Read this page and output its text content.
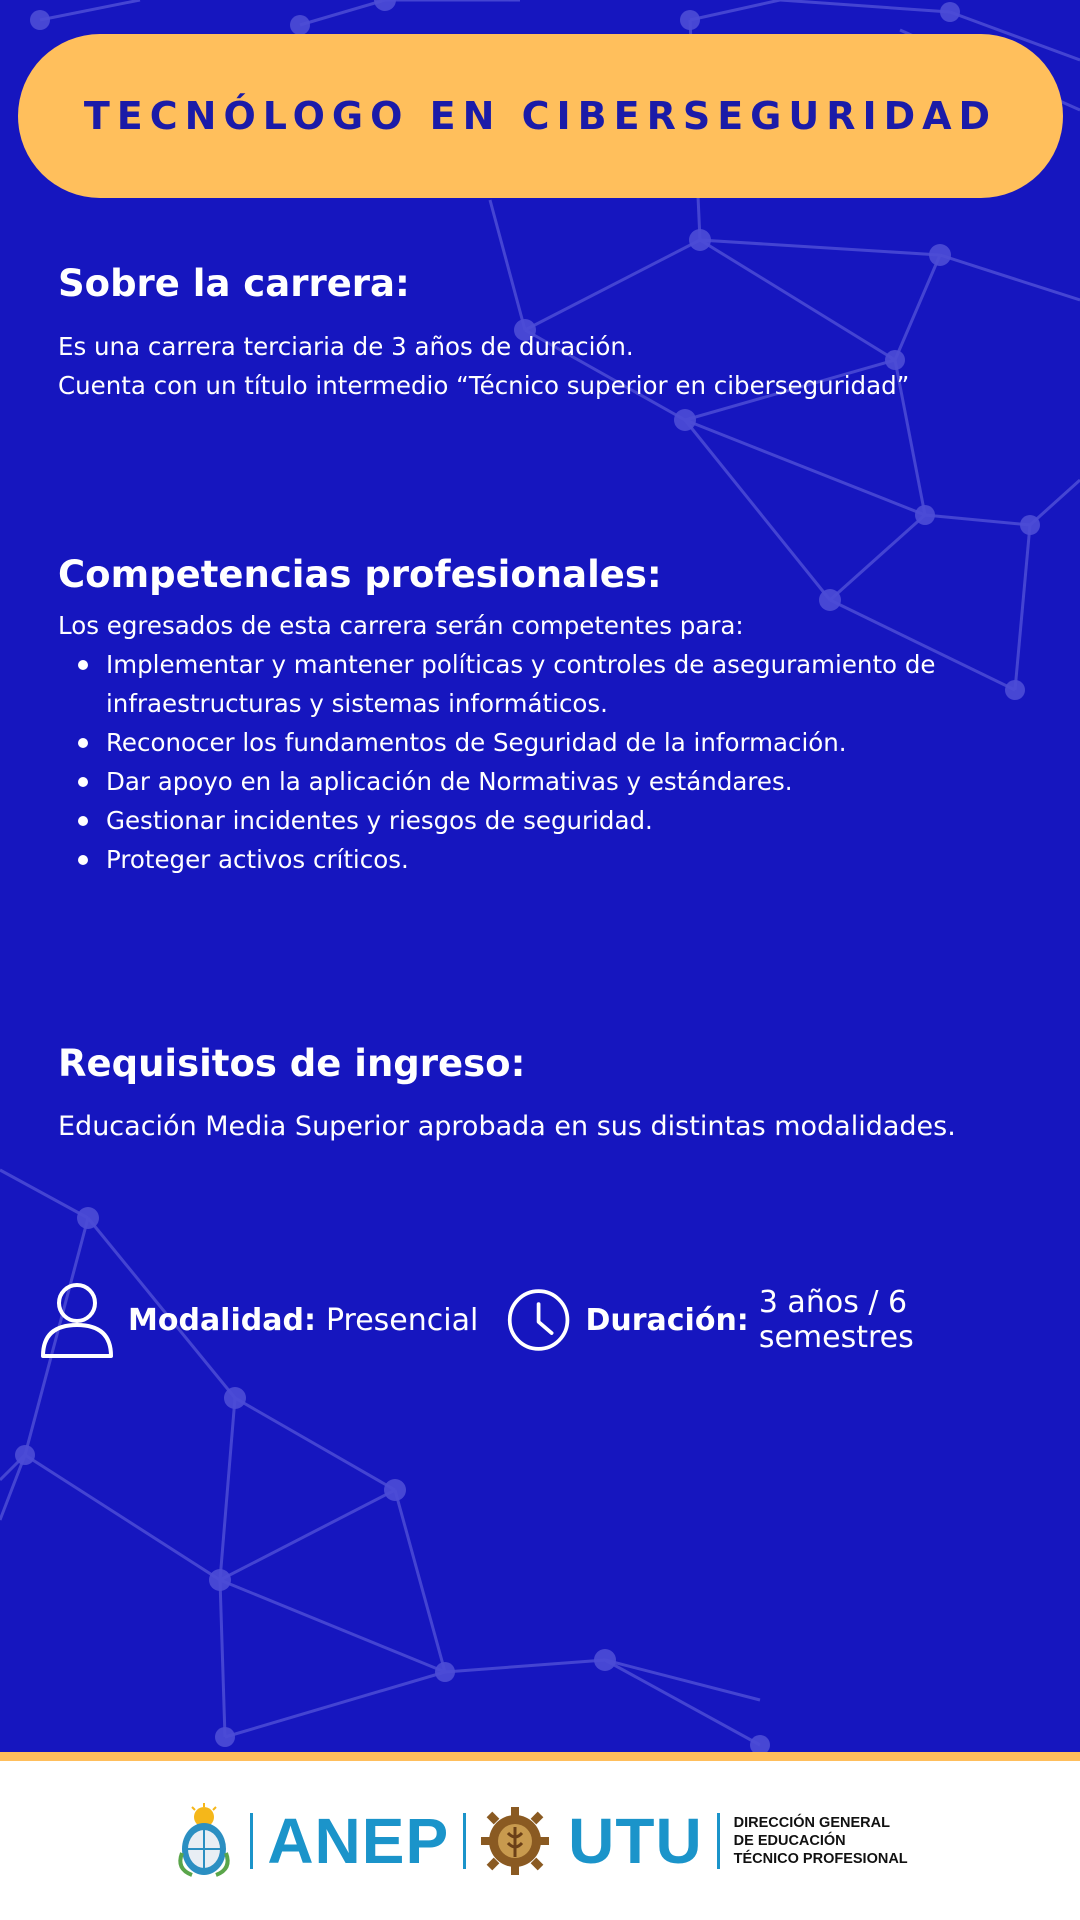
TECNÓLOGO EN CIBERSEGURIDAD
Sobre la carrera:

Es una carrera terciaria de 3 años de duración.

Cuenta con un título intermedio “Técnico superior en ciberseguridad”

Competencias profesionales:

Los egresados de esta carrera serán competentes para:

Implementar y mantener políticas y controles de aseguramiento de infraestructuras y sistemas informáticos.
Reconocer los fundamentos de Seguridad de la información.
Dar apoyo en la aplicación de Normativas y estándares.
Gestionar incidentes y riesgos de seguridad.
Proteger activos críticos.
Requisitos de ingreso:

Educación Media Superior aprobada en sus distintas modalidades.

Modalidad: Presencial	Duración: 3 años / 6 semestres
ANEP UTU DIRECCIÓN GENERAL
DE EDUCACIÓN
TÉCNICO PROFESIONAL
